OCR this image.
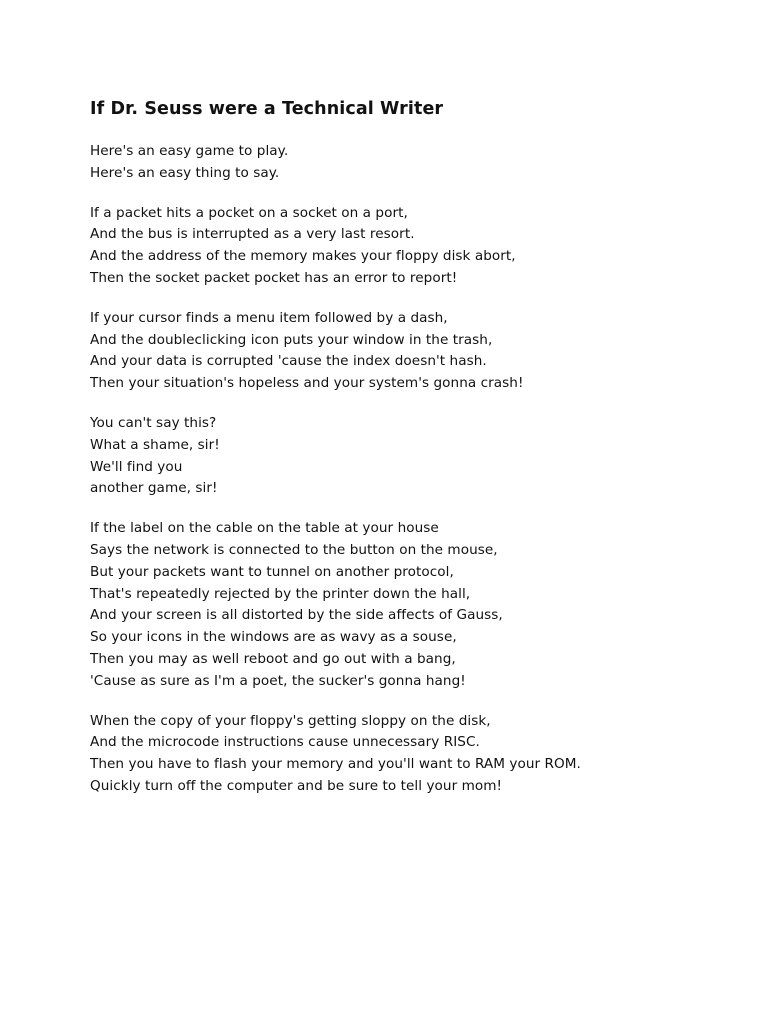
If Dr. Seuss were a Technical Writer
Here's an easy game to play.
Here's an easy thing to say.
If a packet hits a pocket on a socket on a port,
And the bus is interrupted as a very last resort.
And the address of the memory makes your floppy disk abort,
Then the socket packet pocket has an error to report!
If your cursor finds a menu item followed by a dash,
And the doubleclicking icon puts your window in the trash,
And your data is corrupted 'cause the index doesn't hash.
Then your situation's hopeless and your system's gonna crash!
You can't say this?
What a shame, sir!
We'll find you
another game, sir!
If the label on the cable on the table at your house
Says the network is connected to the button on the mouse,
But your packets want to tunnel on another protocol,
That's repeatedly rejected by the printer down the hall,
And your screen is all distorted by the side affects of Gauss,
So your icons in the windows are as wavy as a souse,
Then you may as well reboot and go out with a bang,
'Cause as sure as I'm a poet, the sucker's gonna hang!
When the copy of your floppy's getting sloppy on the disk,
And the microcode instructions cause unnecessary RISC.
Then you have to flash your memory and you'll want to RAM your ROM.
Quickly turn off the computer and be sure to tell your mom!
